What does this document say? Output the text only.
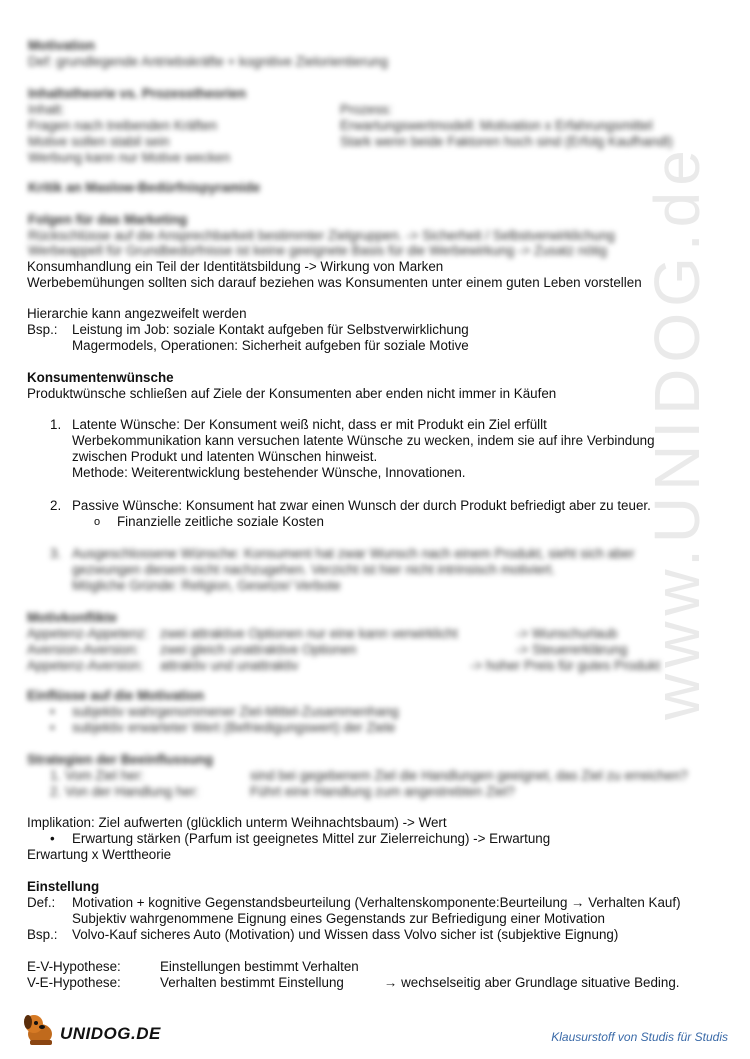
www.UNIDOG.de
Motivation
Def: grundlegende Antriebskräfte + kognitive Zielorientierung
Inhaltstheorie vs. Prozesstheorien
Inhalt:	Prozess:
Fragen nach treibenden Kräften	Erwartungswertmodell: Motivation x Erfahrungsmittel
Motive sollen stabil sein	Stark wenn beide Faktoren hoch sind (Erfolg Kaufhandl)
Werbung kann nur Motive wecken
Kritik an Maslow-Bedürfnispyramide
Folgen für das Marketing
Rückschlüsse auf die Ansprechbarkeit bestimmter Zielgruppen. -> Sicherheit / Selbstverwirklichung
Werbeappell für Grundbedürfnisse ist keine geeignete Basis für die Werbewirkung -> Zusatz nötig
Konsumhandlung ein Teil der Identitätsbildung -> Wirkung von Marken
Werbebemühungen sollten sich darauf beziehen was Konsumenten unter einem guten Leben vorstellen
Hierarchie kann angezweifelt werden
Bsp.: Leistung im Job: soziale Kontakt aufgeben für Selbstverwirklichung
Magermodels, Operationen: Sicherheit aufgeben für soziale Motive
Konsumentenwünsche
Produktwünsche schließen auf Ziele der Konsumenten aber enden nicht immer in Käufen
1. Latente Wünsche: Der Konsument weiß nicht, dass er mit Produkt ein Ziel erfüllt
Werbekommunikation kann versuchen latente Wünsche zu wecken, indem sie auf ihre Verbindung
zwischen Produkt und latenten Wünschen hinweist.
Methode: Weiterentwicklung bestehender Wünsche, Innovationen.
2. Passive Wünsche: Konsument hat zwar einen Wunsch der durch Produkt befriedigt aber zu teuer.
o Finanzielle zeitliche soziale Kosten
3. Ausgeschlossene Wünsche: Konsument hat zwar Wunsch nach einem Produkt, sieht sich aber
gezwungen diesem nicht nachzugehen. Verzicht ist hier nicht intrinsisch motiviert.
Mögliche Gründe: Religion, Gesetze/ Verbote
Motivkonflikte
Appetenz-Appetenz: zwei attraktive Optionen nur eine kann verwirklicht	-> Wunschurlaub
Aversion-Aversion: zwei gleich unattraktive Optionen	-> Steuererklärung
Appetenz-Aversion: attraktiv und unattraktiv	-> hoher Preis für gutes Produkt
Einflüsse auf die Motivation
• subjektiv wahrgenommener Ziel-Mittel-Zusammenhang
• subjektiv erwarteter Wert (Befriedigungswert) der Ziele
Strategien der Beeinflussung
1. Vom Ziel her:	sind bei gegebenem Ziel die Handlungen geeignet, das Ziel zu erreichen?
2. Von der Handlung her:	Führt eine Handlung zum angestrebten Ziel?
Implikation: Ziel aufwerten (glücklich unterm Weihnachtsbaum) -> Wert
• Erwartung stärken (Parfum ist geeignetes Mittel zur Zielerreichung) -> Erwartung
Erwartung x Werttheorie
Einstellung
Def.: Motivation + kognitive Gegenstandsbeurteilung (Verhaltenskomponente:Beurteilung → Verhalten Kauf)
Subjektiv wahrgenommene Eignung eines Gegenstands zur Befriedigung einer Motivation
Bsp.: Volvo-Kauf sicheres Auto (Motivation) und Wissen dass Volvo sicher ist (subjektive Eignung)
E-V-Hypothese:	Einstellungen bestimmt Verhalten
V-E-Hypothese:	Verhalten bestimmt Einstellung	→ wechselseitig aber Grundlage situative Beding.
UNIDOG.DE	Klausurstoff von Studis für Studis
